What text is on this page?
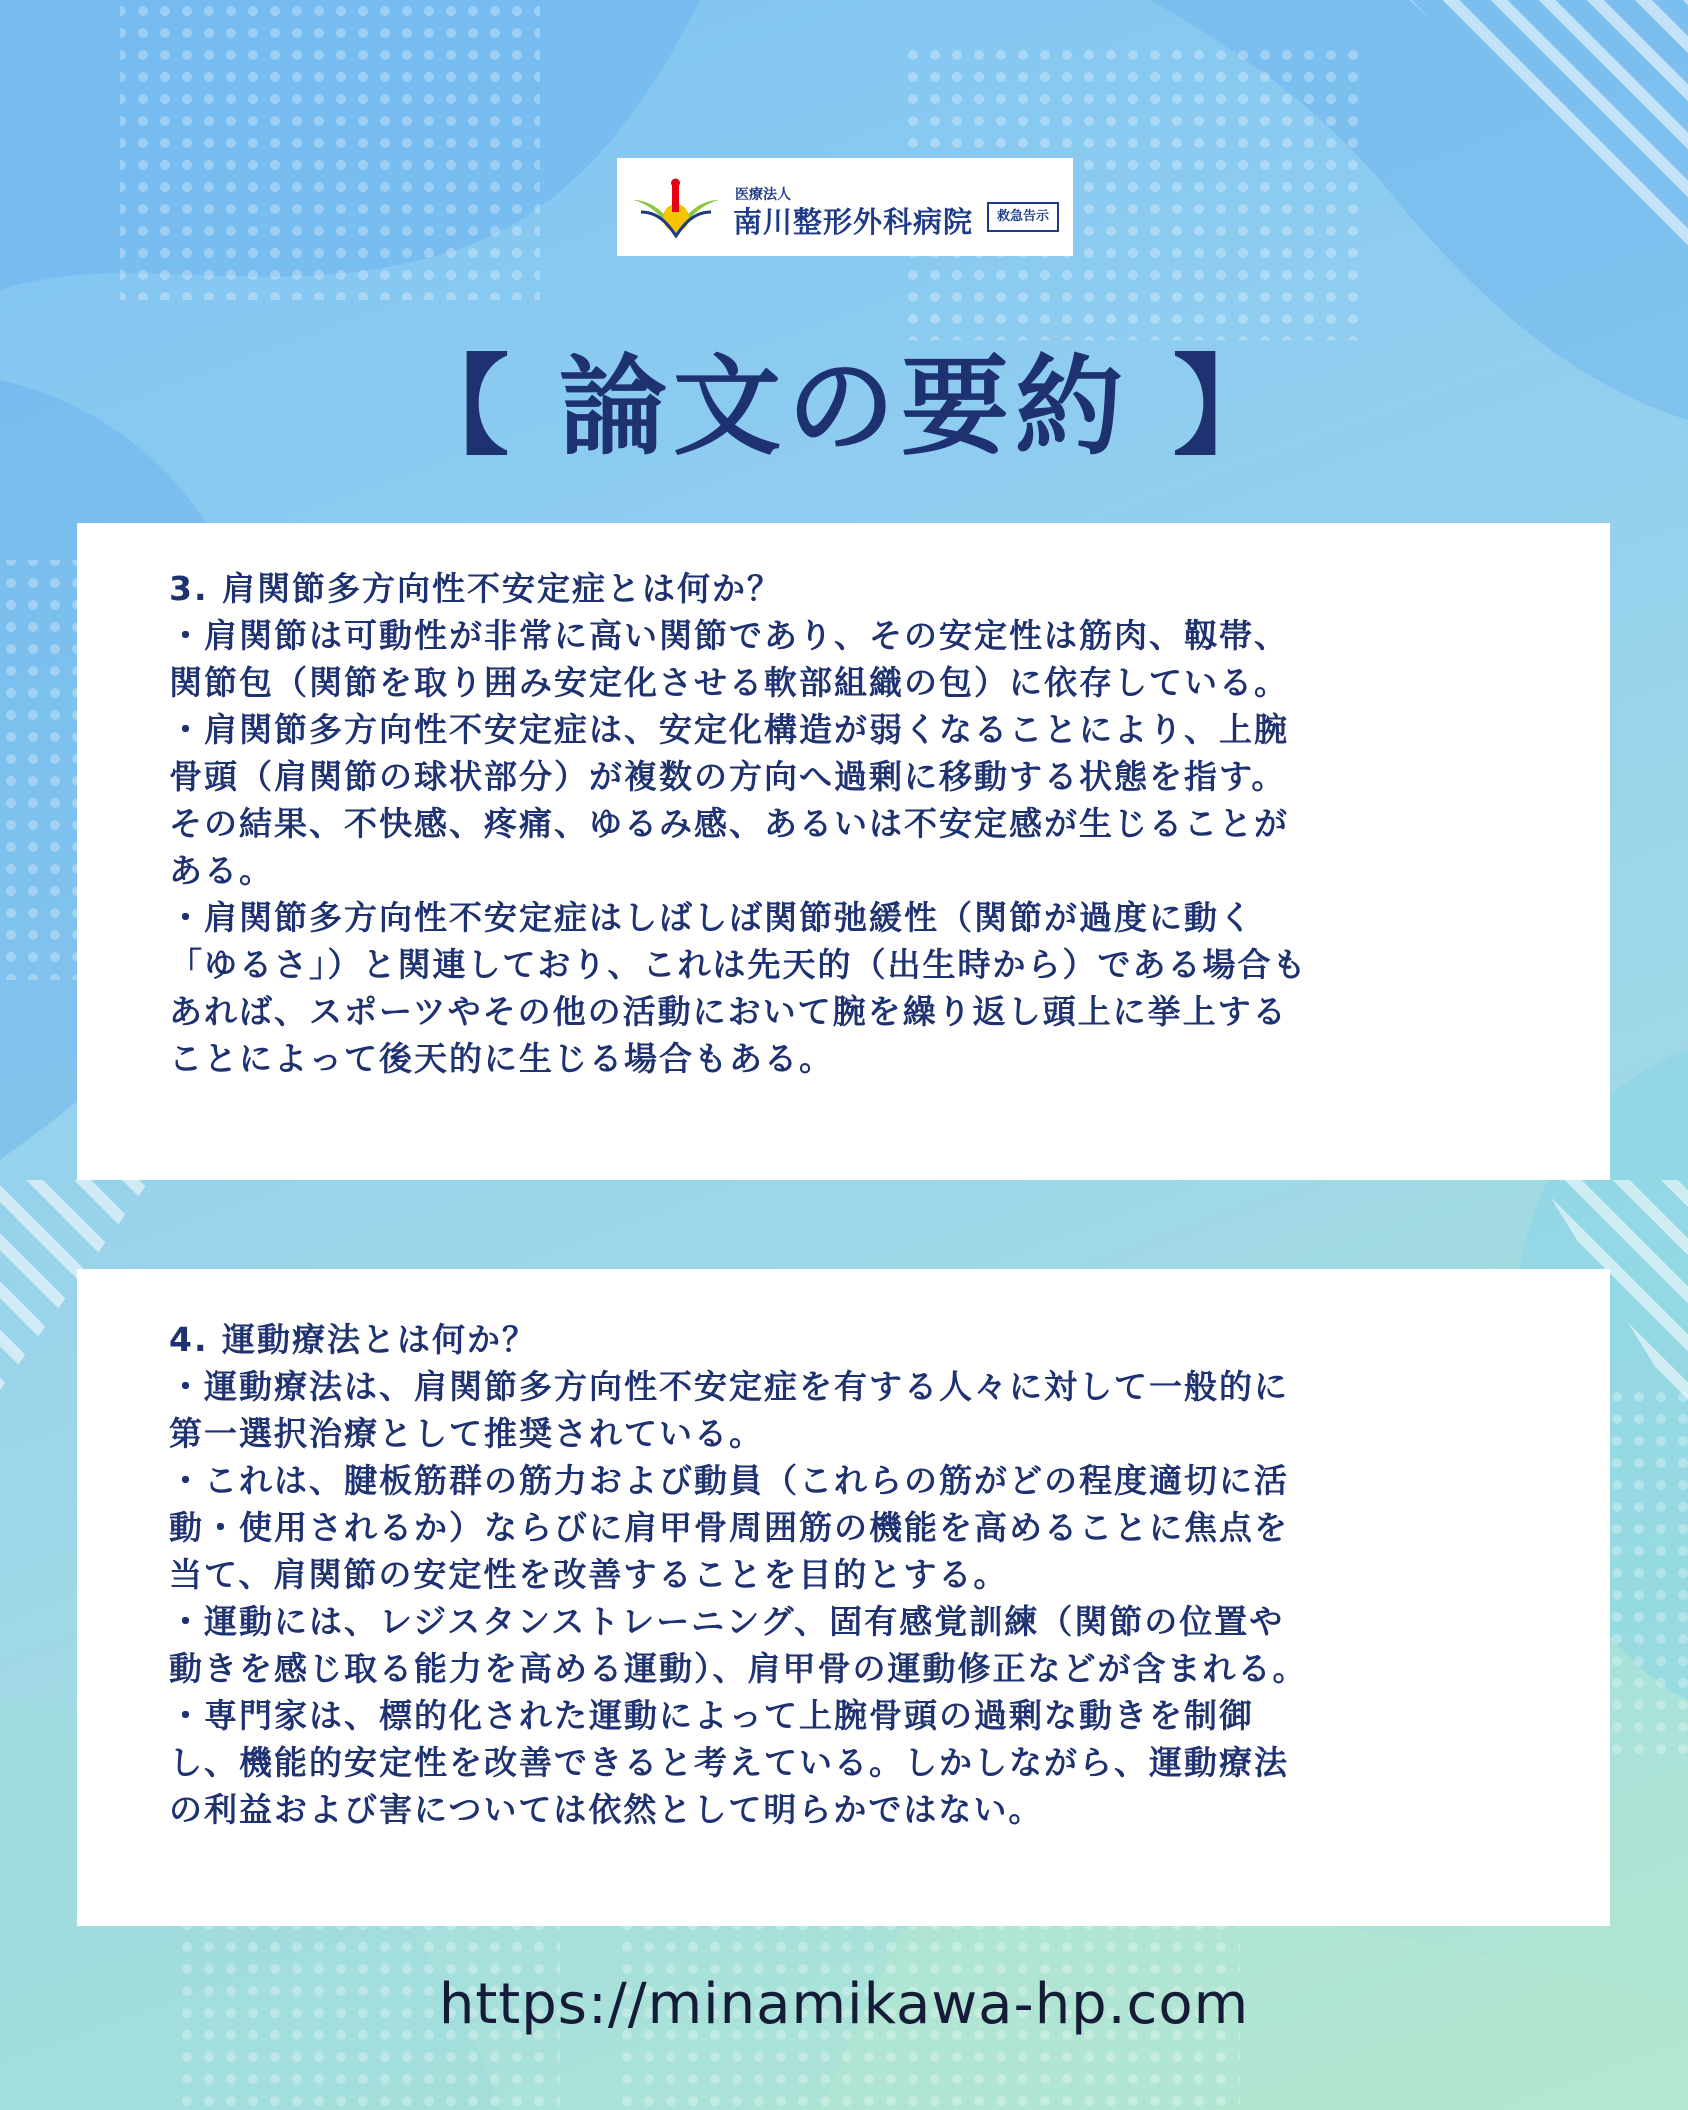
医療法人
南川整形外科病院	救急告示
【 論文の要約 】
3. 肩関節多方向性不安定症とは何か？
・肩関節は可動性が非常に高い関節であり、その安定性は筋肉、靱帯、
関節包（関節を取り囲み安定化させる軟部組織の包）に依存している。
・肩関節多方向性不安定症は、安定化構造が弱くなることにより、上腕
骨頭（肩関節の球状部分）が複数の方向へ過剰に移動する状態を指す。
その結果、不快感、疼痛、ゆるみ感、あるいは不安定感が生じることが
ある。
・肩関節多方向性不安定症はしばしば関節弛緩性（関節が過度に動く
「ゆるさ」）と関連しており、これは先天的（出生時から）である場合も
あれば、スポーツやその他の活動において腕を繰り返し頭上に挙上する
ことによって後天的に生じる場合もある。
4. 運動療法とは何か？
・運動療法は、肩関節多方向性不安定症を有する人々に対して一般的に
第一選択治療として推奨されている。
・これは、腱板筋群の筋力および動員（これらの筋がどの程度適切に活
動・使用されるか）ならびに肩甲骨周囲筋の機能を高めることに焦点を
当て、肩関節の安定性を改善することを目的とする。
・運動には、レジスタンストレーニング、固有感覚訓練（関節の位置や
動きを感じ取る能力を高める運動）、肩甲骨の運動修正などが含まれる。
・専門家は、標的化された運動によって上腕骨頭の過剰な動きを制御
し、機能的安定性を改善できると考えている。しかしながら、運動療法
の利益および害については依然として明らかではない。
https://minamikawa-hp.com
